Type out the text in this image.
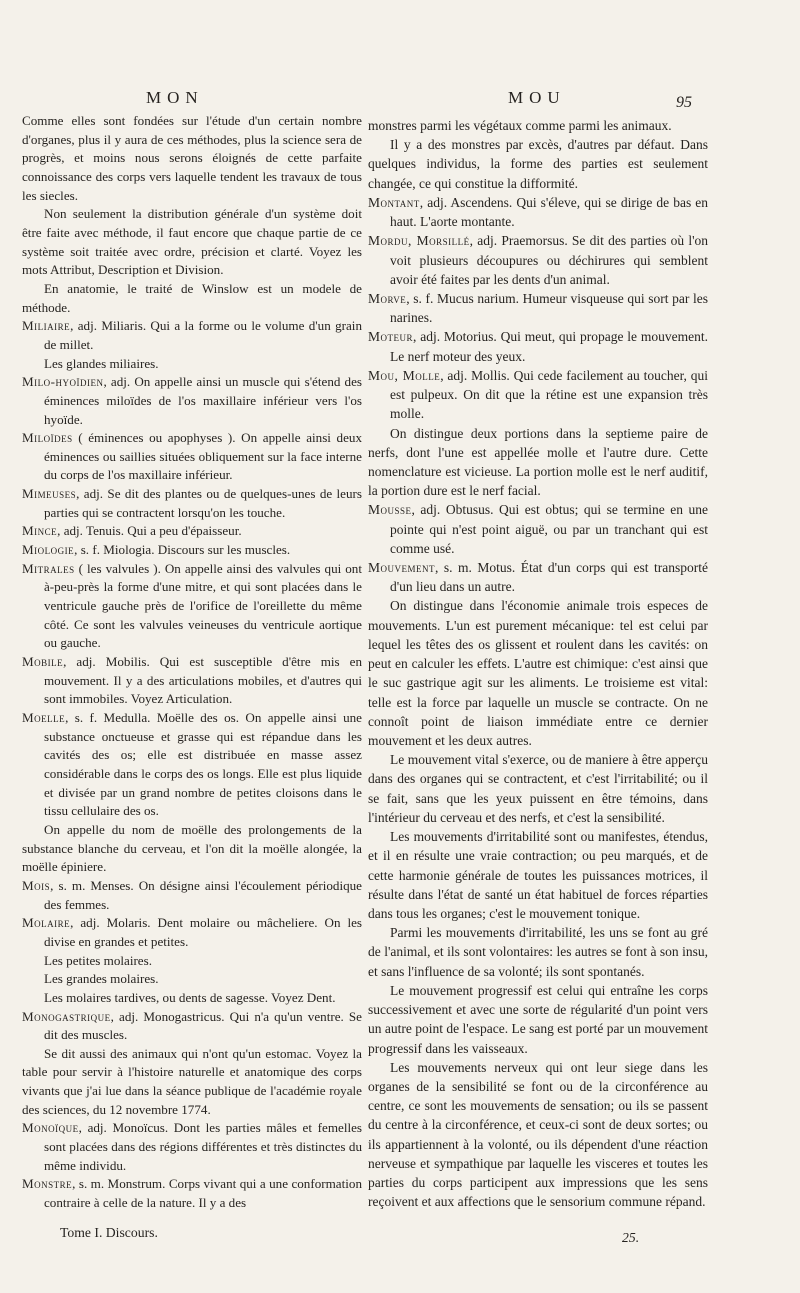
MON	MOU	95

Comme elles sont fondées sur l'étude d'un certain nombre d'organes, plus il y aura de ces méthodes, plus la science sera de progrès, et moins nous serons éloignés de cette parfaite connoissance des corps vers laquelle tendent les travaux de tous les siecles.

Non seulement la distribution générale d'un système doit être faite avec méthode, il faut encore que chaque partie de ce système soit traitée avec ordre, précision et clarté. Voyez les mots Attribut, Description et Division.

En anatomie, le traité de Winslow est un modele de méthode.

Miliaire, adj. Miliaris. Qui a la forme ou le volume d'un grain de millet.

Les glandes miliaires.

Milo-hyoïdien, adj. On appelle ainsi un muscle qui s'étend des éminences miloïdes de l'os maxillaire inférieur vers l'os hyoïde.

Miloïdes ( éminences ou apophyses ). On appelle ainsi deux éminences ou saillies situées obliquement sur la face interne du corps de l'os maxillaire inférieur.

Mimeuses, adj. Se dit des plantes ou de quelques-unes de leurs parties qui se contractent lorsqu'on les touche.

Mince, adj. Tenuis. Qui a peu d'épaisseur.

Miologie, s. f. Miologia. Discours sur les muscles.

Mitrales ( les valvules ). On appelle ainsi des valvules qui ont à-peu-près la forme d'une mitre, et qui sont placées dans le ventricule gauche près de l'orifice de l'oreillette du même côté. Ce sont les valvules veineuses du ventricule aortique ou gauche.

Mobile, adj. Mobilis. Qui est susceptible d'être mis en mouvement. Il y a des articulations mobiles, et d'autres qui sont immobiles. Voyez Articulation.

Moelle, s. f. Medulla. Moëlle des os. On appelle ainsi une substance onctueuse et grasse qui est répandue dans les cavités des os; elle est distribuée en masse assez considérable dans le corps des os longs. Elle est plus liquide et divisée par un grand nombre de petites cloisons dans le tissu cellulaire des os.

On appelle du nom de moëlle des prolongements de la substance blanche du cerveau, et l'on dit la moëlle alongée, la moëlle épiniere.

Mois, s. m. Menses. On désigne ainsi l'écoulement périodique des femmes.

Molaire, adj. Molaris. Dent molaire ou mâcheliere. On les divise en grandes et petites.

Les petites molaires.

Les grandes molaires.

Les molaires tardives, ou dents de sagesse. Voyez Dent.

Monogastrique, adj. Monogastricus. Qui n'a qu'un ventre. Se dit des muscles.

Se dit aussi des animaux qui n'ont qu'un estomac. Voyez la table pour servir à l'histoire naturelle et anatomique des corps vivants que j'ai lue dans la séance publique de l'académie royale des sciences, du 12 novembre 1774.

Monoïque, adj. Monoïcus. Dont les parties mâles et femelles sont placées dans des régions différentes et très distinctes du même individu.

Monstre, s. m. Monstrum. Corps vivant qui a une conformation contraire à celle de la nature. Il y a des

monstres parmi les végétaux comme parmi les animaux.

Il y a des monstres par excès, d'autres par défaut. Dans quelques individus, la forme des parties est seulement changée, ce qui constitue la difformité.

Montant, adj. Ascendens. Qui s'éleve, qui se dirige de bas en haut. L'aorte montante.

Mordu, Morsillé, adj. Praemorsus. Se dit des parties où l'on voit plusieurs découpures ou déchirures qui semblent avoir été faites par les dents d'un animal.

Morve, s. f. Mucus narium. Humeur visqueuse qui sort par les narines.

Moteur, adj. Motorius. Qui meut, qui propage le mouvement. Le nerf moteur des yeux.

Mou, Molle, adj. Mollis. Qui cede facilement au toucher, qui est pulpeux. On dit que la rétine est une expansion très molle.

On distingue deux portions dans la septieme paire de nerfs, dont l'une est appellée molle et l'autre dure. Cette nomenclature est vicieuse. La portion molle est le nerf auditif, la portion dure est le nerf facial.

Mousse, adj. Obtusus. Qui est obtus; qui se termine en une pointe qui n'est point aiguë, ou par un tranchant qui est comme usé.

Mouvement, s. m. Motus. État d'un corps qui est transporté d'un lieu dans un autre.

On distingue dans l'économie animale trois especes de mouvements. L'un est purement mécanique: tel est celui par lequel les têtes des os glissent et roulent dans les cavités: on peut en calculer les effets. L'autre est chimique: c'est ainsi que le suc gastrique agit sur les aliments. Le troisieme est vital: telle est la force par laquelle un muscle se contracte. On ne connoît point de liaison immédiate entre ce dernier mouvement et les deux autres.

Le mouvement vital s'exerce, ou de maniere à être apperçu dans des organes qui se contractent, et c'est l'irritabilité; ou il se fait, sans que les yeux puissent en être témoins, dans l'intérieur du cerveau et des nerfs, et c'est la sensibilité.

Les mouvements d'irritabilité sont ou manifestes, étendus, et il en résulte une vraie contraction; ou peu marqués, et de cette harmonie générale de toutes les puissances motrices, il résulte dans l'état de santé un état habituel de forces réparties dans tous les organes; c'est le mouvement tonique.

Parmi les mouvements d'irritabilité, les uns se font au gré de l'animal, et ils sont volontaires: les autres se font à son insu, et sans l'influence de sa volonté; ils sont spontanés.

Le mouvement progressif est celui qui entraîne les corps successivement et avec une sorte de régularité d'un point vers un autre point de l'espace. Le sang est porté par un mouvement progressif dans les vaisseaux.

Les mouvements nerveux qui ont leur siege dans les organes de la sensibilité se font ou de la circonférence au centre, ce sont les mouvements de sensation; ou ils se passent du centre à la circonférence, et ceux-ci sont de deux sortes; ou ils appartiennent à la volonté, ou ils dépendent d'une réaction nerveuse et sympathique par laquelle les visceres et toutes les parties du corps participent aux impressions que les sens reçoivent et aux affections que le sensorium commune répand.

Tome I. Discours.	25.
